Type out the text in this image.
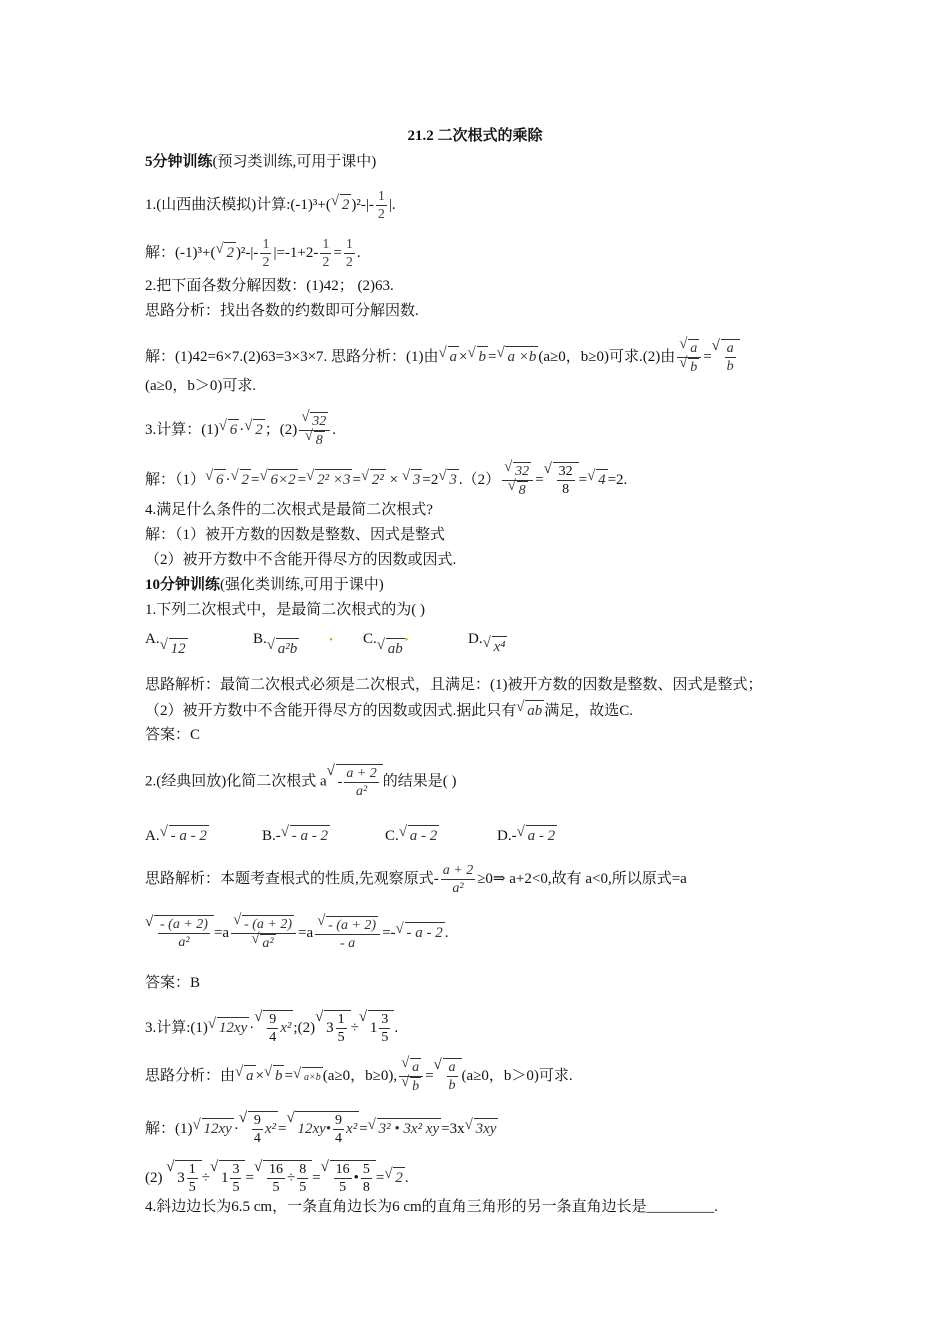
21.2 二次根式的乘除
5分钟训练(预习类训练,可用于课中)
1.(山西曲沃模拟)计算:(-1)³+(√ 2 )$^2-|- \frac{1}{2}$ |.
解：(-1)³+(√ 2 )$^2-|- \frac{1}{2} |=-1+2- \frac{1}{2} = \frac{1}{2}$ .
2.把下面各数分解因数：(1)42； (2)63.
思路分析：找出各数的约数即可分解因数.
解：(1)42=6×7.(2)63=3×3×7. 思路分析：(1)由√ a ×√ b =√ a ×b (a≥0，b≥0)可求.(2)由
√ a
√ b =
√ $\frac{a}{b}$
(a≥0，b＞0)可求.
3.计算：(1)√ 6 ·√ 2 ；(2)
√ 32
√ 8 .
解：（1）√ 6 ·√ 2 =√ 6×2 =√ 2² ×3 =√ 2² × √ 3 =2√ 3 .（2）
√ 32
√ 8 =
√ $\frac{32}{8}$ =√ 4 =2.
4.满足什么条件的二次根式是最简二次根式?
解：（1）被开方数的因数是整数、因式是整式
（2）被开方数中不含能开得尽方的因数或因式.
10分钟训练(强化类训练,可用于课中)
1.下列二次根式中，是最简二次根式的为( )
A.√ 12
B.√ a²b• C.√ ab•	D.√ x⁴
思路解析：最简二次根式必须是二次根式，且满足：(1)被开方数的因数是整数、因式是整式；
（2）被开方数中不含能开得尽方的因数或因式.据此只有√ ab 满足，故选C.
答案：C
2.(经典回放)化简二次根式 $a√ - \frac{a + 2}{\text{a²}}$ 的结果是( )
A.√ - a - 2	B.-√ - a - 2	C.√ a - 2	D.-√ a - 2
思路解析：本题考查根式的性质,先观察原式- $\frac{a + 2}{\text{a²}}$ ≥0⇒ a+2<0,故有 a<0,所以原式=a
√ $\frac{- (a + 2)}{\text{a²}} =a$
√ - (a + 2)
√ a² =a
√ $\frac{- (a + 2)}{- a}$ =-√ - a - 2 .
答案：B
3.计算:(1)√ 12xy ·
√ $\frac{9}{4} x^2$ ;(2)√ $3 \frac{1}{5}$ ÷√ $1 \frac{3}{5}$ .
思路分析：由√ a ×√ b =√ a×b (a≥0，b≥0),
√ a
√ b =
√ $\frac{a}{b} (a\ge 0$，b＞0)可求.
解：(1)√ 12xy ·
√ $\frac{9}{4} x^2$ =√ 12xy• $\frac{9}{4} x^2$ =√ 3² • 3x² xy =3x√ 3xy
(2) √ $3 \frac{1}{5}$ ÷√ $1 \frac{3}{5}$ =
√ $\frac{16}{5} \div \frac{8}{5}$ =
√ $\frac{16}{5}$ • $\frac{5}{8}$ =√ 2 .
4.斜边边长为6.5 cm，一条直角边长为6 cm的直角三角形的另一条直角边长是_________.
